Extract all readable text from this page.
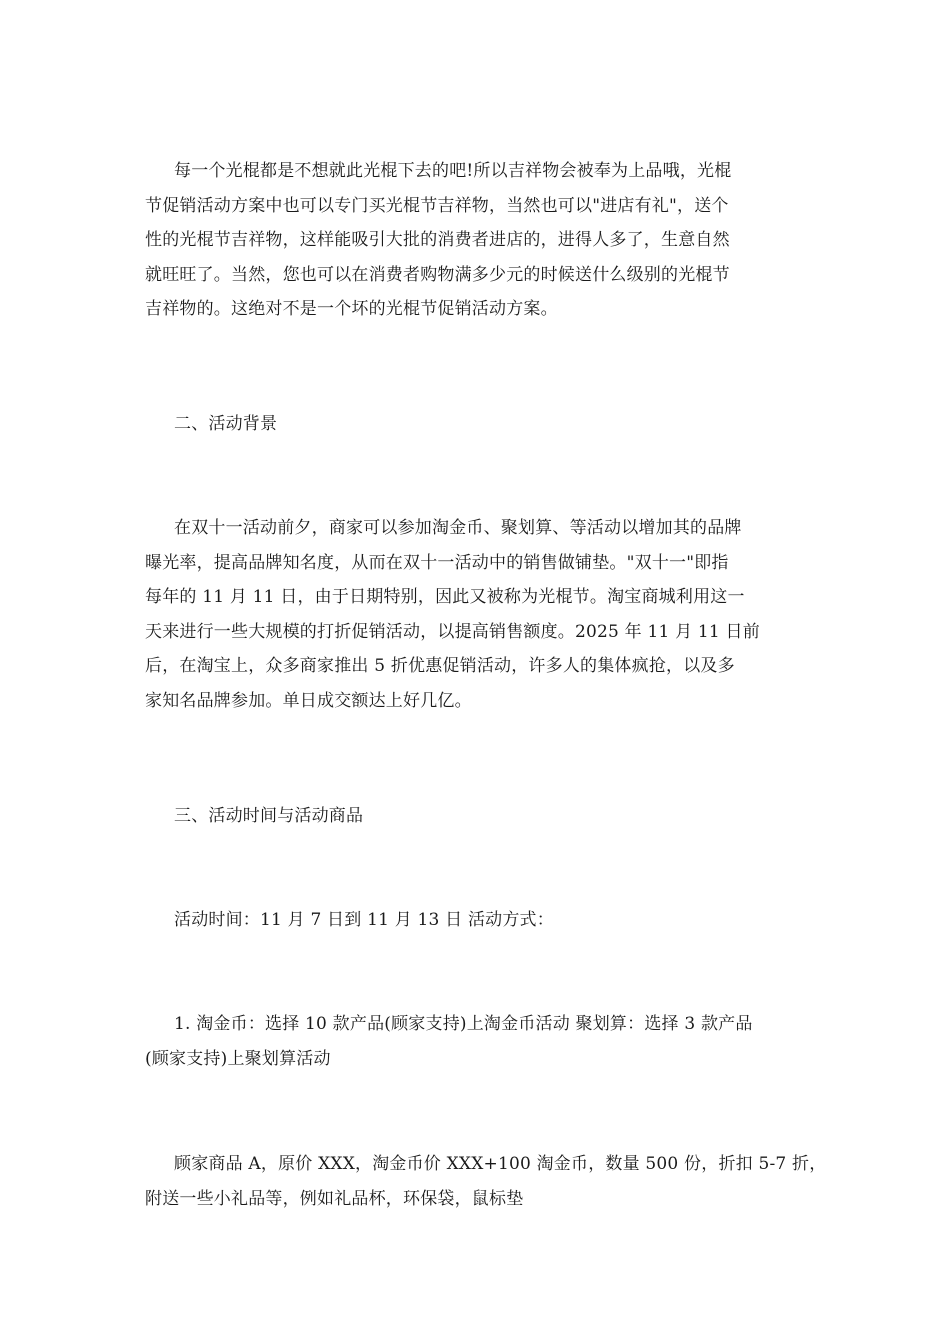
每一个光棍都是不想就此光棍下去的吧!所以吉祥物会被奉为上品哦，光棍
节促销活动方案中也可以专门买光棍节吉祥物，当然也可以"进店有礼"，送个
性的光棍节吉祥物，这样能吸引大批的消费者进店的，进得人多了，生意自然
就旺旺了。当然，您也可以在消费者购物满多少元的时候送什么级别的光棍节
吉祥物的。这绝对不是一个坏的光棍节促销活动方案。
二、活动背景
在双十一活动前夕，商家可以参加淘金币、聚划算、等活动以增加其的品牌
曝光率，提高品牌知名度，从而在双十一活动中的销售做铺垫。"双十一"即指
每年的 11 月 11 日，由于日期特别，因此又被称为光棍节。淘宝商城利用这一
天来进行一些大规模的打折促销活动，以提高销售额度。2025 年 11 月 11 日前
后，在淘宝上，众多商家推出 5 折优惠促销活动，许多人的集体疯抢，以及多
家知名品牌参加。单日成交额达上好几亿。
三、活动时间与活动商品
活动时间：11 月 7 日到 11 月 13 日 活动方式：
1. 淘金币：选择 10 款产品(顾家支持)上淘金币活动 聚划算：选择 3 款产品
(顾家支持)上聚划算活动
顾家商品 A，原价 XXX，淘金币价 XXX+100 淘金币，数量 500 份，折扣 5-7 折，
附送一些小礼品等，例如礼品杯，环保袋，鼠标垫
